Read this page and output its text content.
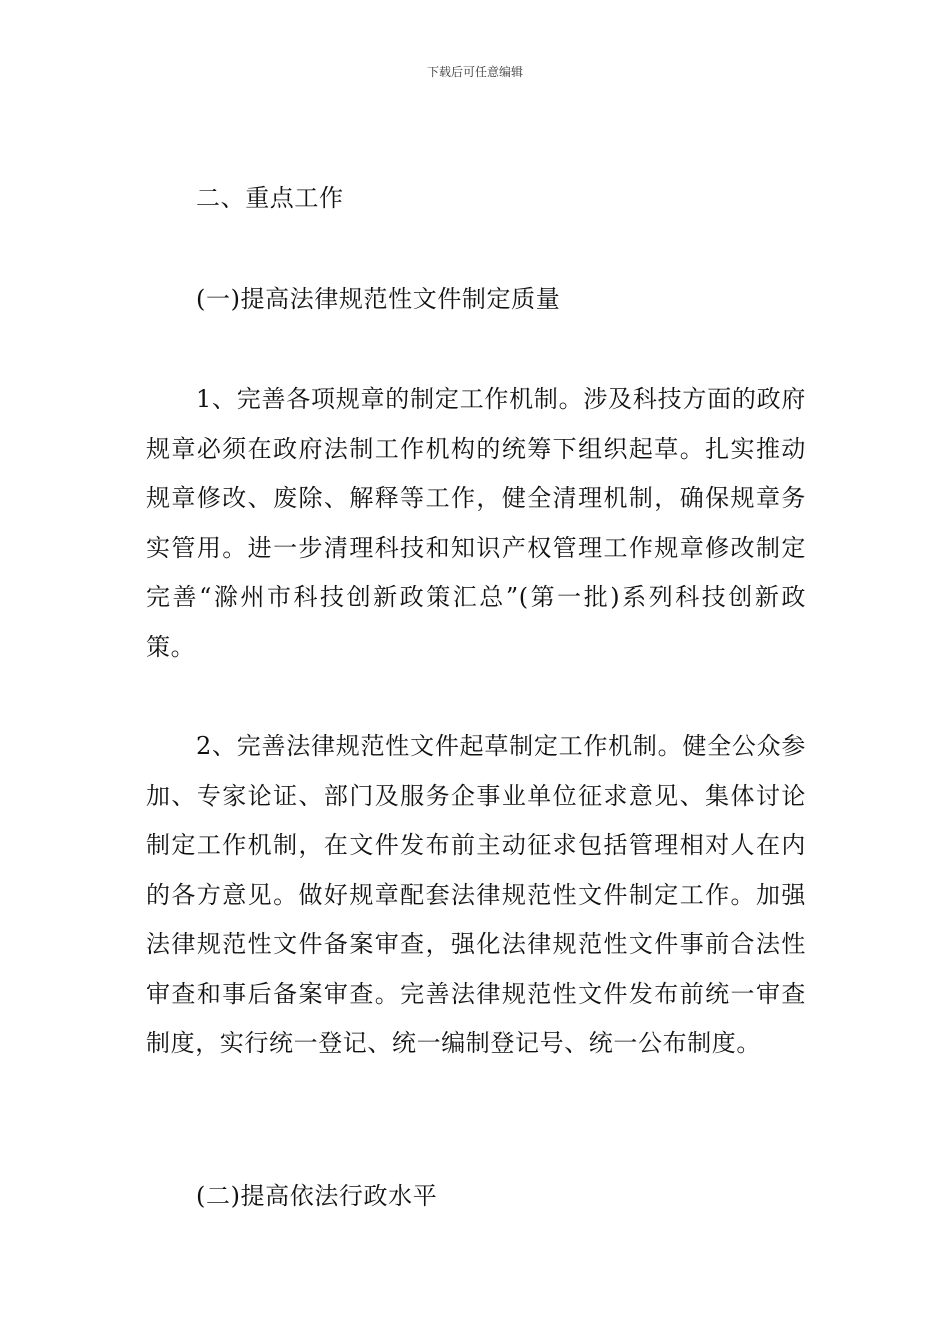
下载后可任意编辑
二、重点工作
(一)提高法律规范性文件制定质量

1、完善各项规章的制定工作机制。涉及科技方面的政府规章必须在政府法制工作机构的统筹下组织起草。扎实推动规章修改、废除、解释等工作，健全清理机制，确保规章务实管用。进一步清理科技和知识产权管理工作规章修改制定完善“滁州市科技创新政策汇总”(第一批)系列科技创新政策。

2、完善法律规范性文件起草制定工作机制。健全公众参加、专家论证、部门及服务企事业单位征求意见、集体讨论制定工作机制，在文件发布前主动征求包括管理相对人在内的各方意见。做好规章配套法律规范性文件制定工作。加强法律规范性文件备案审查，强化法律规范性文件事前合法性审查和事后备案审查。完善法律规范性文件发布前统一审查制度，实行统一登记、统一编制登记号、统一公布制度。

(二)提高依法行政水平
